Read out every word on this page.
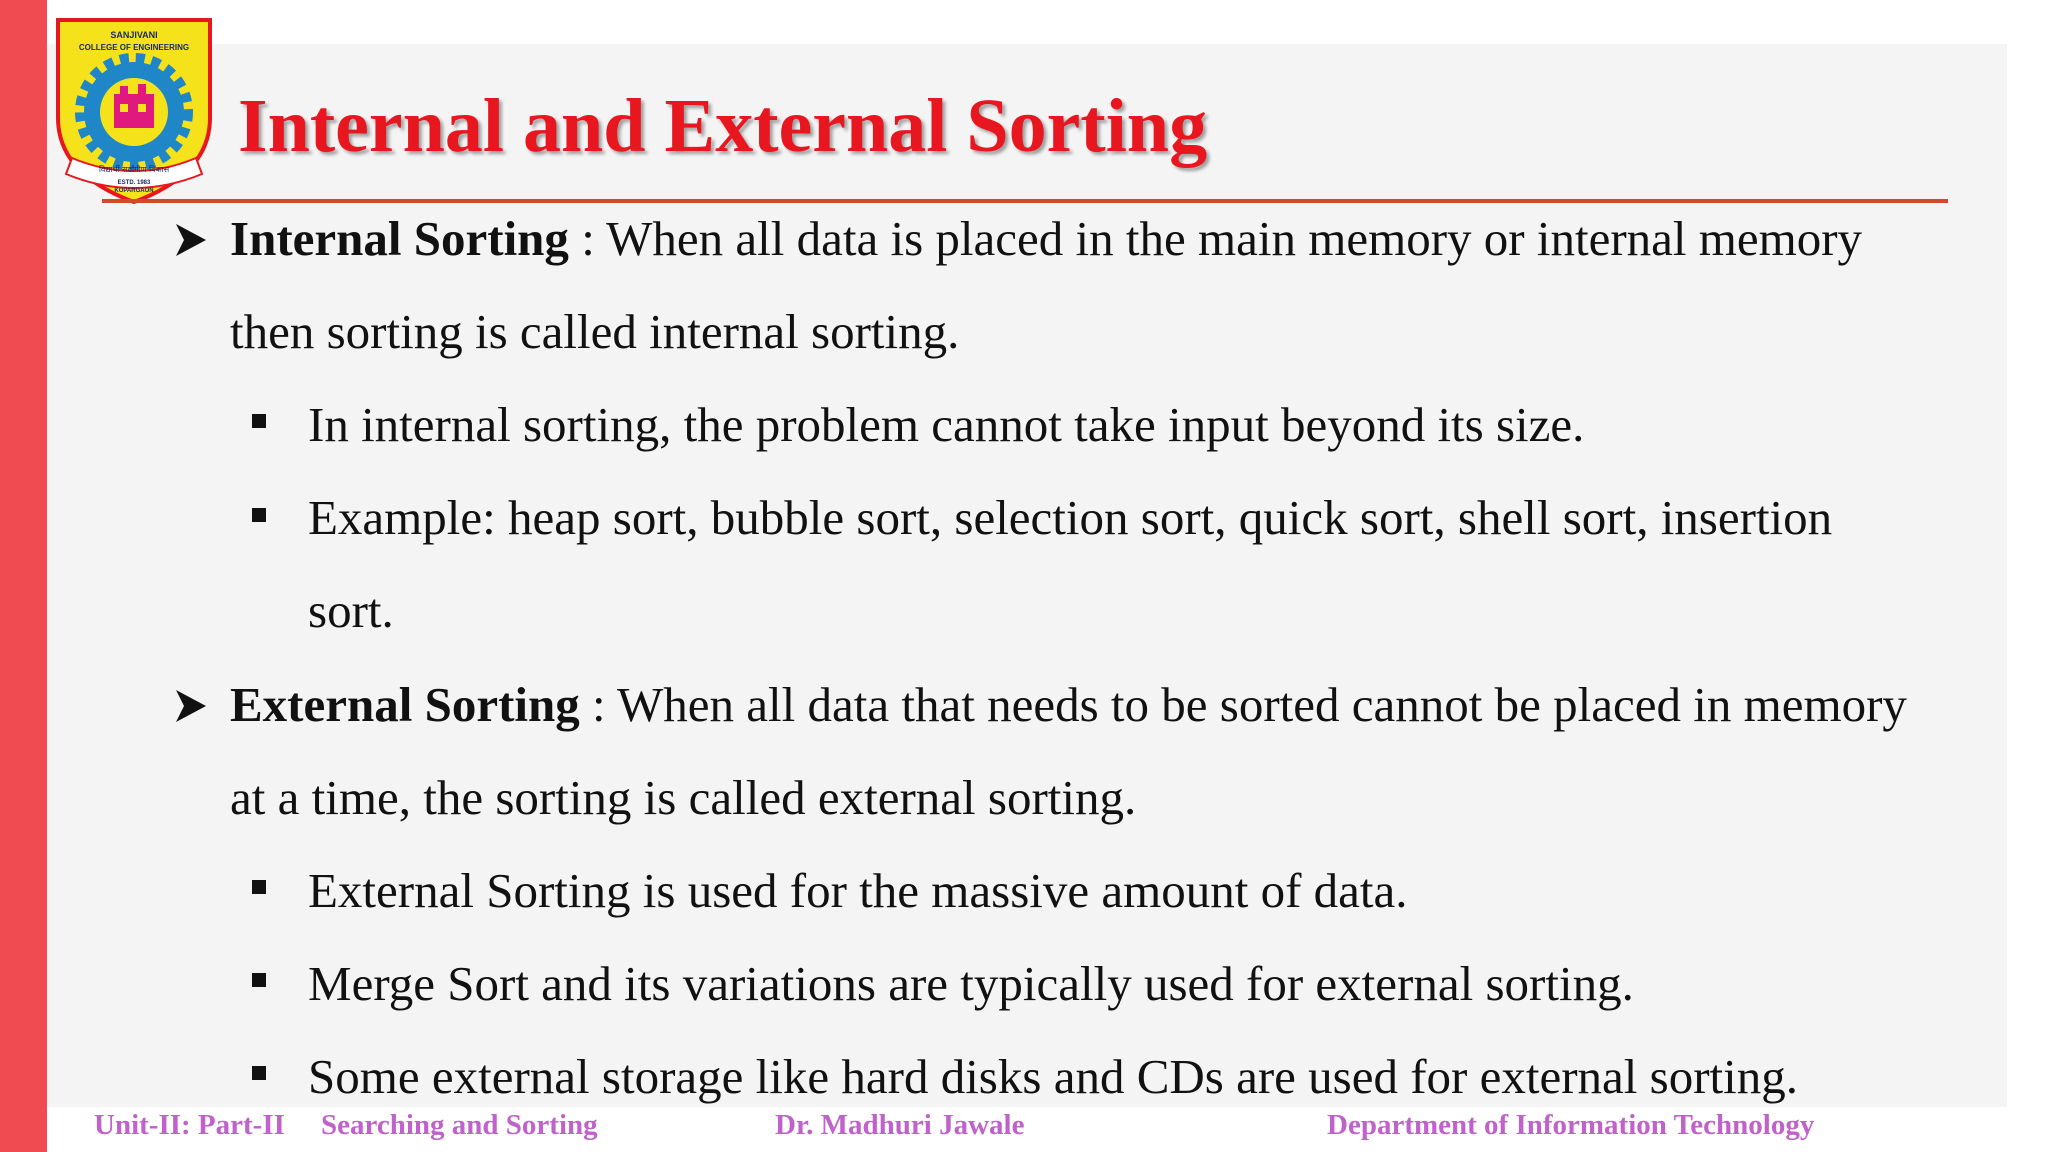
SANJIVANI
COLLEGE OF ENGINEERING
विद्यार्थी सर्वांगीण विकास
ESTD. 1983
KOPARGAON
Internal and External Sorting
Internal Sorting : When all data is placed in the main memory or internal memory
then sorting is called internal sorting.
In internal sorting, the problem cannot take input beyond its size.
Example: heap sort, bubble sort, selection sort, quick sort, shell sort, insertion
sort.
External Sorting : When all data that needs to be sorted cannot be placed in memory
at a time, the sorting is called external sorting.
External Sorting is used for the massive amount of data.
Merge Sort and its variations are typically used for external sorting.
Some external storage like hard disks and CDs are used for external sorting.
Unit-II: Part-II Searching and Sorting	Dr. Madhuri Jawale	Department of Information Technology
